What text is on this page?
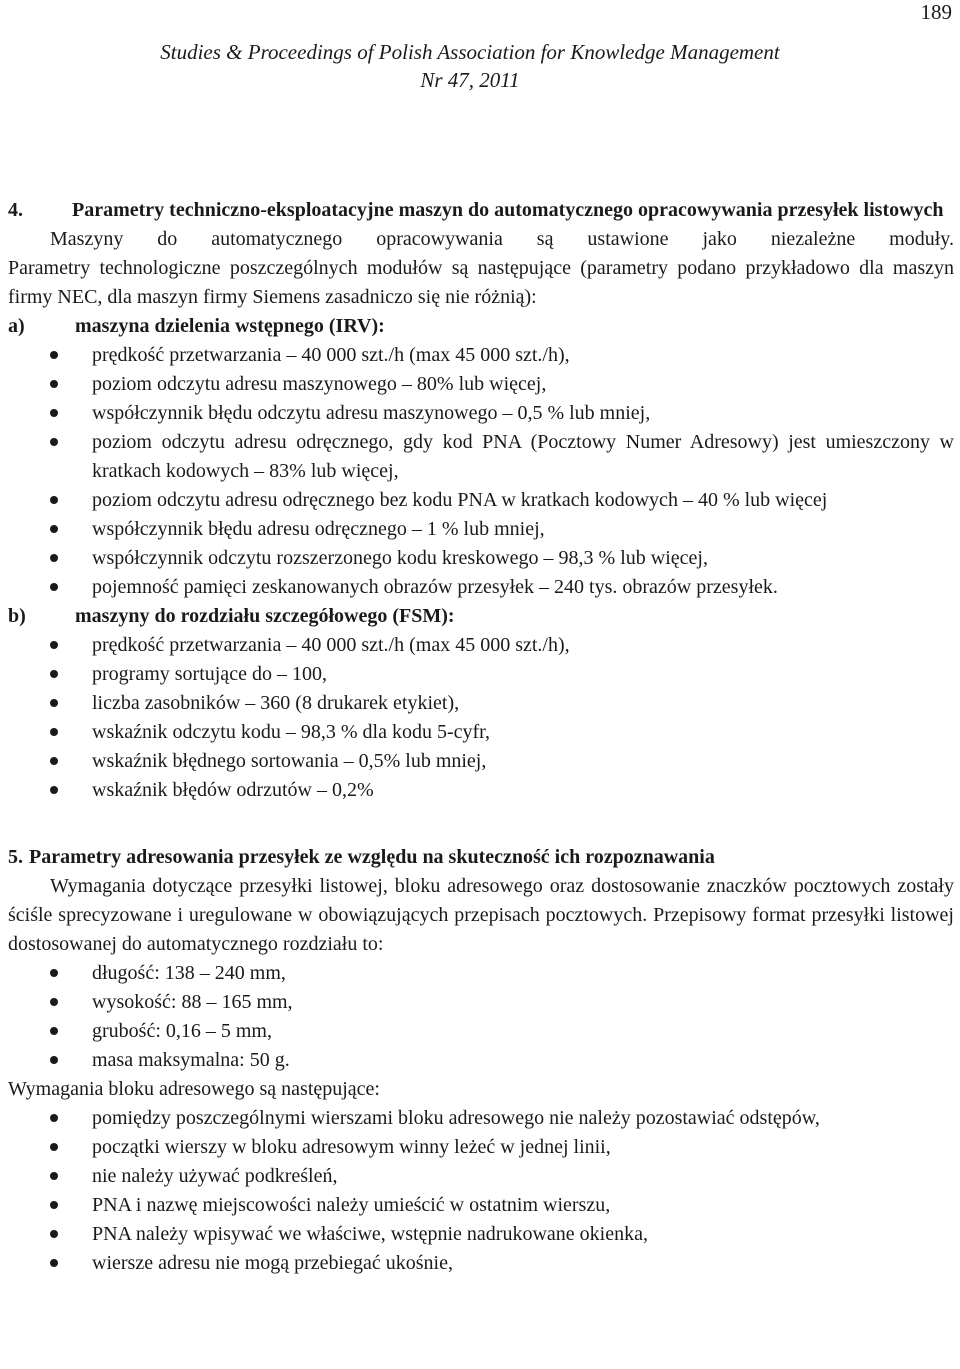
189
Studies & Proceedings of Polish Association for Knowledge Management
Nr 47, 2011
4.	Parametry techniczno-eksploatacyjne maszyn do automatycznego opracowywania przesyłek listowych

Maszyny do automatycznego opracowywania są ustawione jako niezależne moduły.

Parametry technologiczne poszczególnych modułów są następujące (parametry podano przykładowo dla maszyn firmy NEC, dla maszyn firmy Siemens zasadniczo się nie różnią):

a)	maszyna dzielenia wstępnego (IRV):
prędkość przetwarzania – 40 000 szt./h (max 45 000 szt./h),
poziom odczytu adresu maszynowego – 80% lub więcej,
współczynnik błędu odczytu adresu maszynowego – 0,5 % lub mniej,
poziom odczytu adresu odręcznego, gdy kod PNA (Pocztowy Numer Adresowy) jest umieszczony w kratkach kodowych – 83% lub więcej,
poziom odczytu adresu odręcznego bez kodu PNA w kratkach kodowych – 40 % lub więcej
współczynnik błędu adresu odręcznego – 1 % lub mniej,
współczynnik odczytu rozszerzonego kodu kreskowego – 98,3 % lub więcej,
pojemność pamięci zeskanowanych obrazów przesyłek – 240 tys. obrazów przesyłek.
b)	maszyny do rozdziału szczegółowego (FSM):
prędkość przetwarzania – 40 000 szt./h (max 45 000 szt./h),
programy sortujące do – 100,
liczba zasobników – 360 (8 drukarek etykiet),
wskaźnik odczytu kodu – 98,3 % dla kodu 5-cyfr,
wskaźnik błędnego sortowania – 0,5% lub mniej,
wskaźnik błędów odrzutów – 0,2%
5. Parametry adresowania przesyłek ze względu na skuteczność ich rozpoznawania

Wymagania dotyczące przesyłki listowej, bloku adresowego oraz dostosowanie znaczków pocztowych zostały ściśle sprecyzowane i uregulowane w obowiązujących przepisach pocztowych. Przepisowy format przesyłki listowej dostosowanej do automatycznego rozdziału to:

długość: 138 – 240 mm,
wysokość: 88 – 165 mm,
grubość: 0,16 – 5 mm,
masa maksymalna: 50 g.

Wymagania bloku adresowego są następujące:

pomiędzy poszczególnymi wierszami bloku adresowego nie należy pozostawiać odstępów,
początki wierszy w bloku adresowym winny leżeć w jednej linii,
nie należy używać podkreśleń,
PNA i nazwę miejscowości należy umieścić w ostatnim wierszu,
PNA należy wpisywać we właściwe, wstępnie nadrukowane okienka,
wiersze adresu nie mogą przebiegać ukośnie,
